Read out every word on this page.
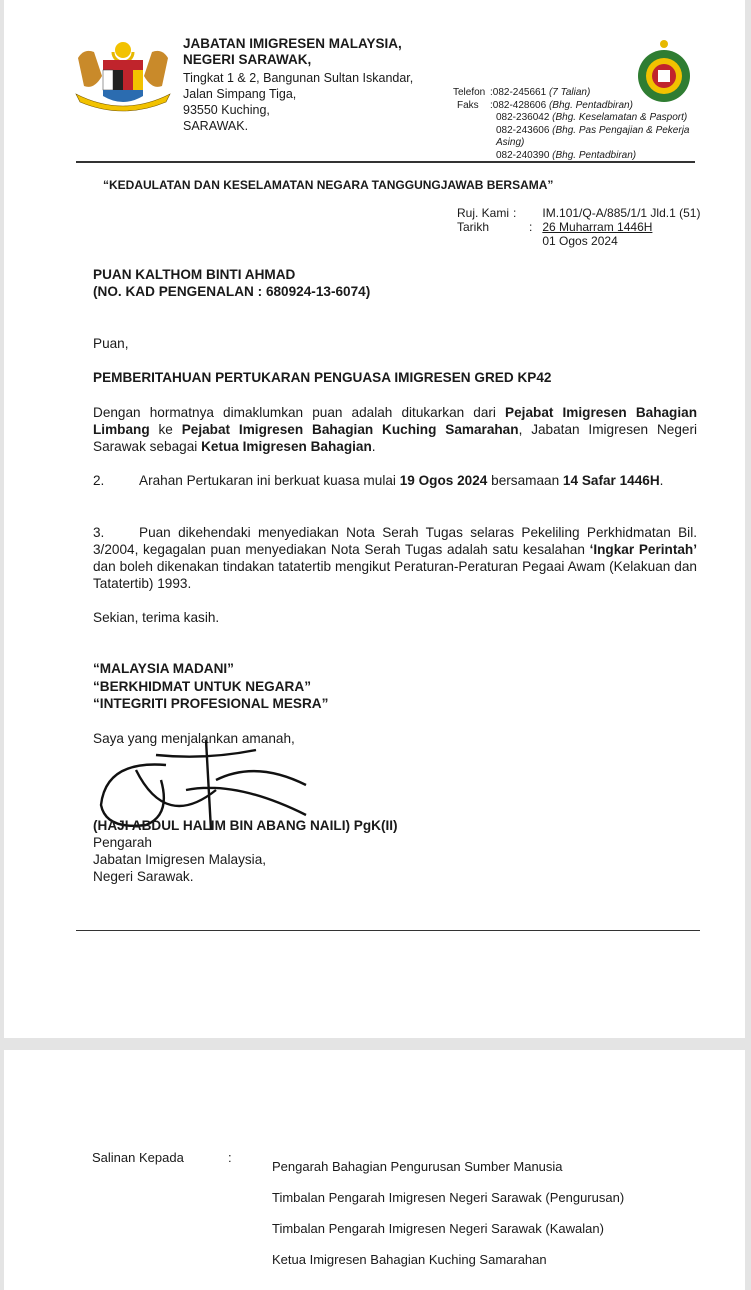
JABATAN IMIGRESEN MALAYSIA,
NEGERI SARAWAK,
Tingkat 1 & 2, Bangunan Sultan Iskandar,
Jalan Simpang Tiga,
93550 Kuching,
SARAWAK.
Telefon :082-245661 (7 Talian)
Faks :082-428606 (Bhg. Pentadbiran)
082-236042 (Bhg. Keselamatan & Pasport)
082-243606 (Bhg. Pas Pengajian & Pekerja Asing)
082-240390 (Bhg. Pentadbiran)
“KEDAULATAN DAN KESELAMATAN NEGARA TANGGUNGJAWAB BERSAMA”
Ruj. Kami	:	IM.101/Q-A/885/1/1 Jld.1 (51)
Tarikh	:	26 Muharram 1446H
		01 Ogos 2024
PUAN KALTHOM BINTI AHMAD
(NO. KAD PENGENALAN : 680924-13-6074)
Puan,
PEMBERITAHUAN PERTUKARAN PENGUASA IMIGRESEN GRED KP42
Dengan hormatnya dimaklumkan puan adalah ditukarkan dari Pejabat Imigresen Bahagian Limbang ke Pejabat Imigresen Bahagian Kuching Samarahan, Jabatan Imigresen Negeri Sarawak sebagai Ketua Imigresen Bahagian.
2.	Arahan Pertukaran ini berkuat kuasa mulai 19 Ogos 2024 bersamaan 14 Safar 1446H.
3.	Puan dikehendaki menyediakan Nota Serah Tugas selaras Pekeliling Perkhidmatan Bil. 3/2004, kegagalan puan menyediakan Nota Serah Tugas adalah satu kesalahan ‘Ingkar Perintah’ dan boleh dikenakan tindakan tatatertib mengikut Peraturan-Peraturan Pegaai Awam (Kelakuan dan Tatatertib) 1993.
Sekian, terima kasih.
“MALAYSIA MADANI”
“BERKHIDMAT UNTUK NEGARA”
“INTEGRITI PROFESIONAL MESRA”
Saya yang menjalankan amanah,
(HAJI ABDUL HALIM BIN ABANG NAILI) PgK(II)
Pengarah
Jabatan Imigresen Malaysia,
Negeri Sarawak.
Salinan Kepada	:
Pengarah Bahagian Pengurusan Sumber Manusia
Timbalan Pengarah Imigresen Negeri Sarawak (Pengurusan)
Timbalan Pengarah Imigresen Negeri Sarawak (Kawalan)
Ketua Imigresen Bahagian Kuching Samarahan
